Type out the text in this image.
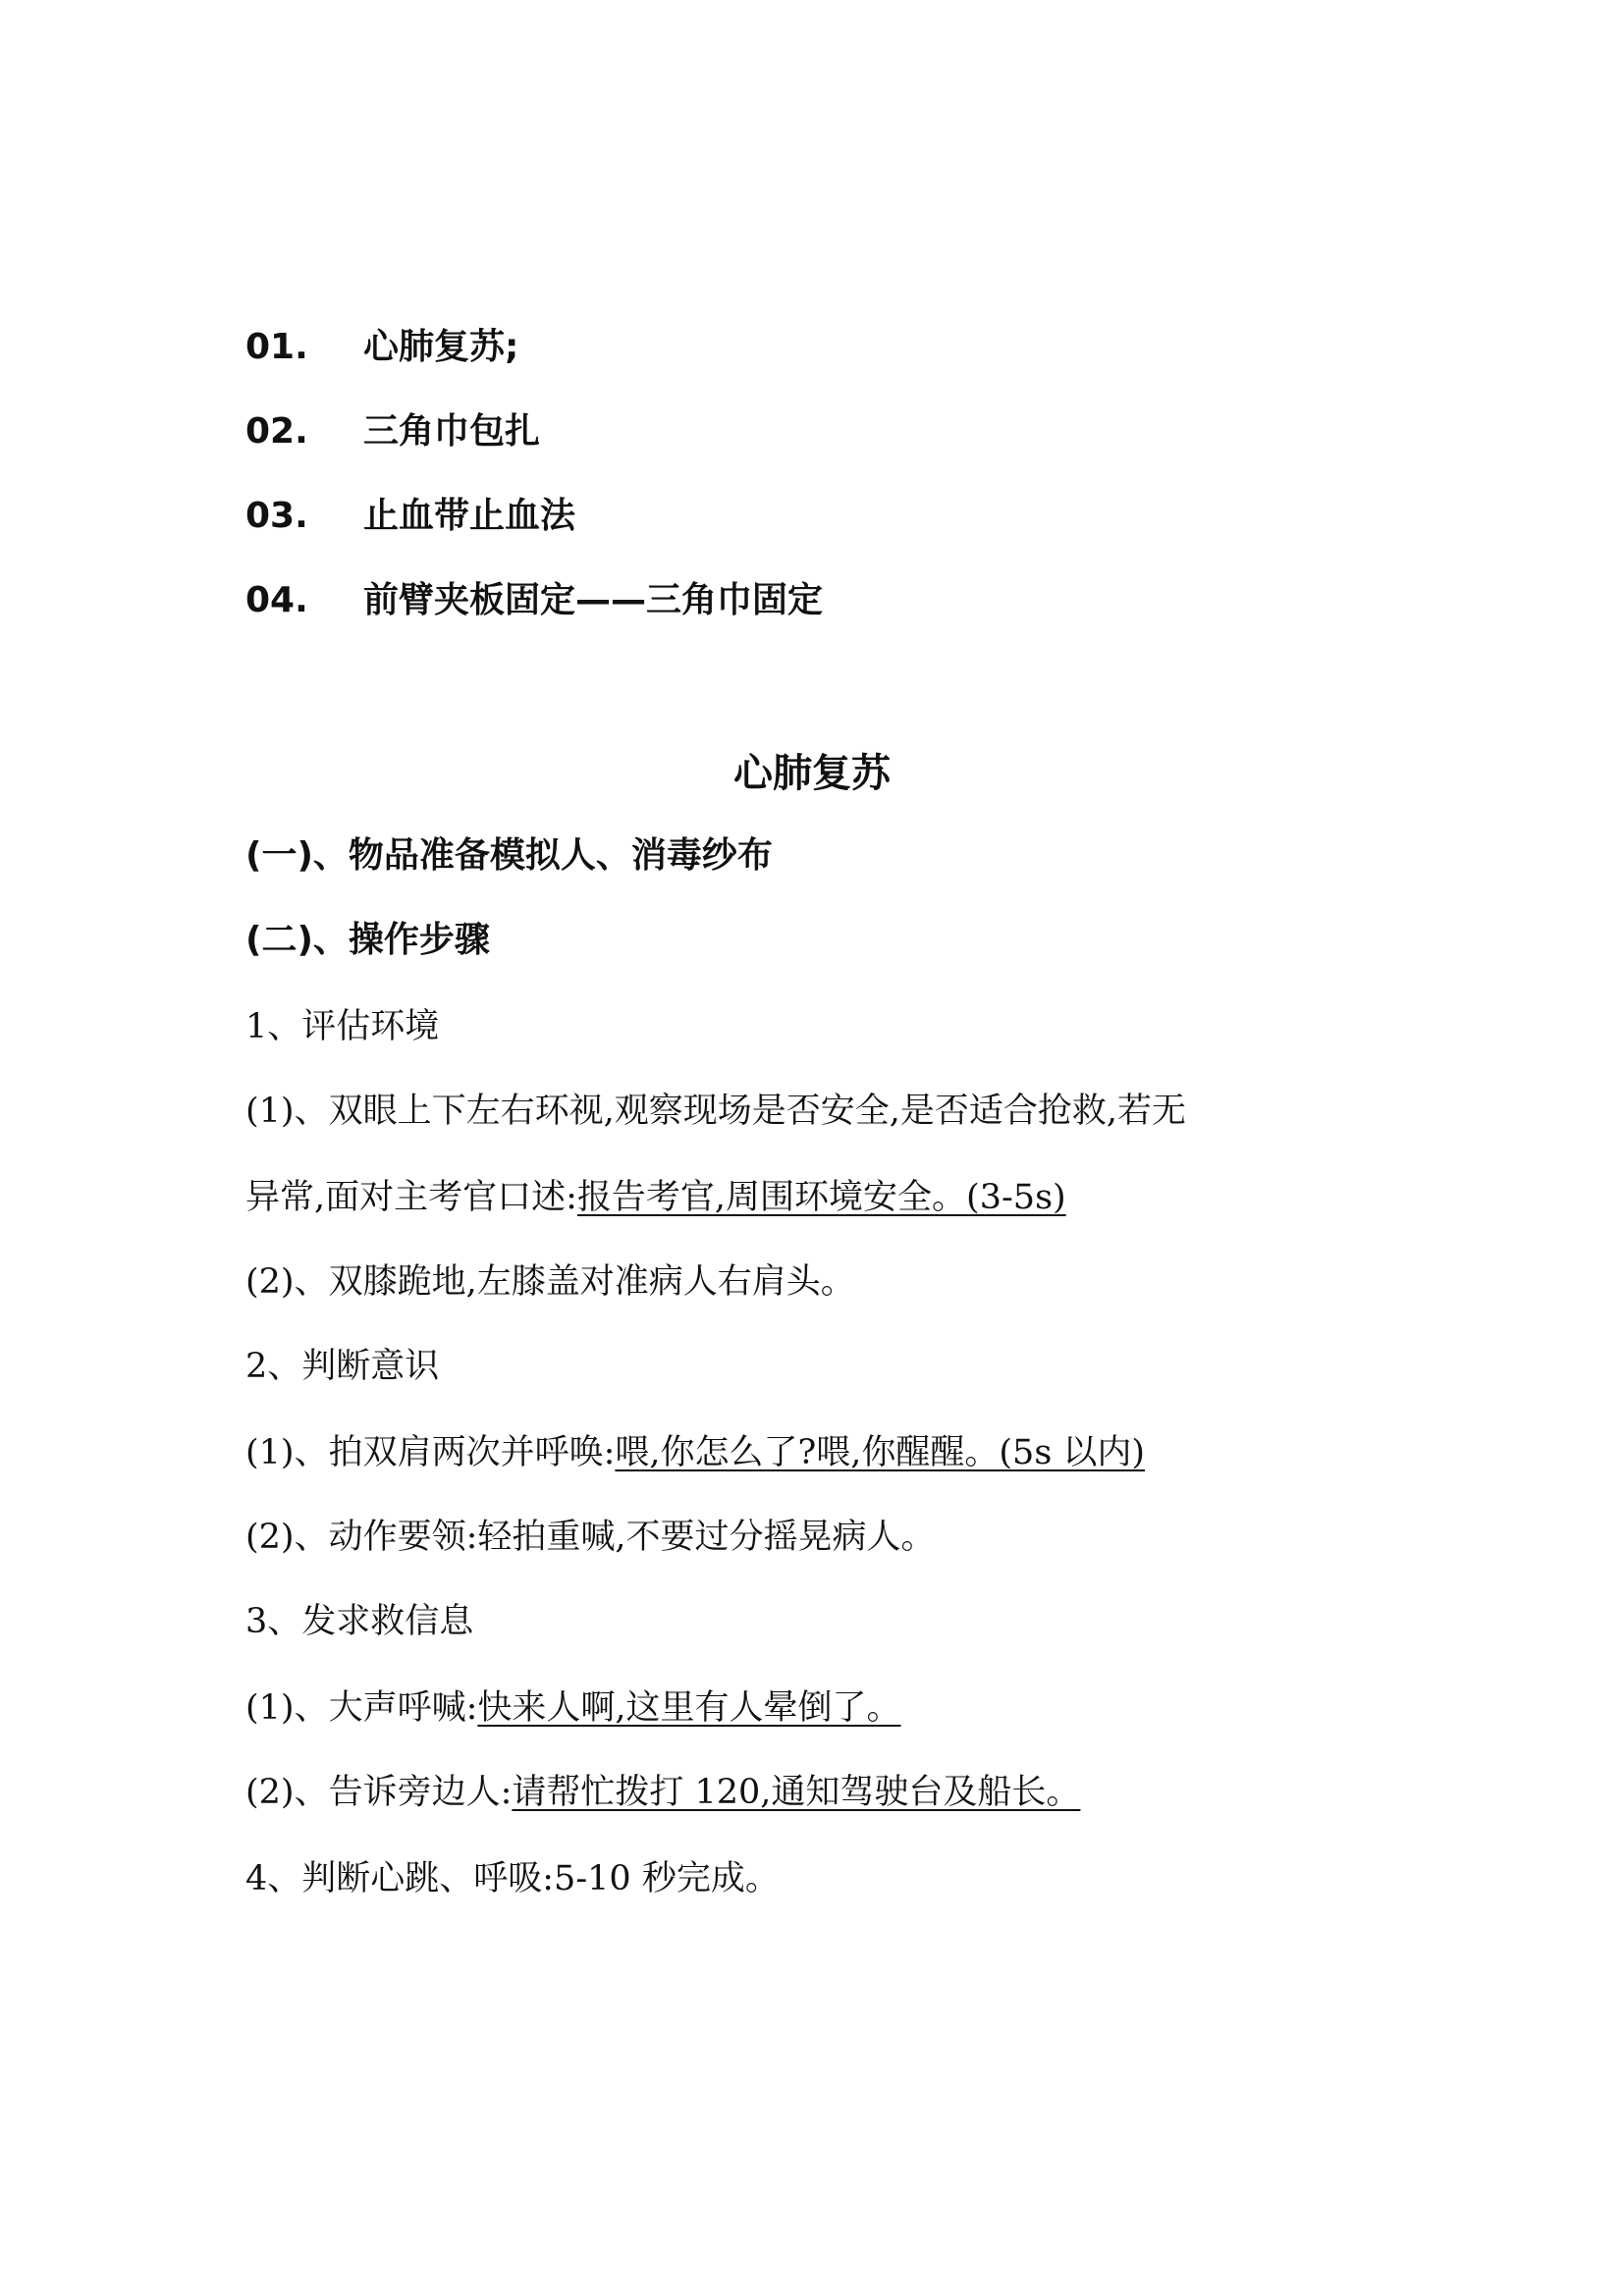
01. 心肺复苏;
02. 三角巾包扎
03. 止血带止血法
04. 前臂夹板固定——三角巾固定
心肺复苏
(一)、物品准备模拟人、消毒纱布
(二)、操作步骤
1、评估环境
(1)、双眼上下左右环视,观察现场是否安全,是否适合抢救,若无
异常,面对主考官口述:报告考官,周围环境安全。(3-5s)
(2)、双膝跪地,左膝盖对准病人右肩头。
2、判断意识
(1)、拍双肩两次并呼唤:喂,你怎么了?喂,你醒醒。(5s 以内)
(2)、动作要领:轻拍重喊,不要过分摇晃病人。
3、发求救信息
(1)、大声呼喊:快来人啊,这里有人晕倒了。
(2)、告诉旁边人:请帮忙拨打 120,通知驾驶台及船长。
4、判断心跳、呼吸:5-10 秒完成。
